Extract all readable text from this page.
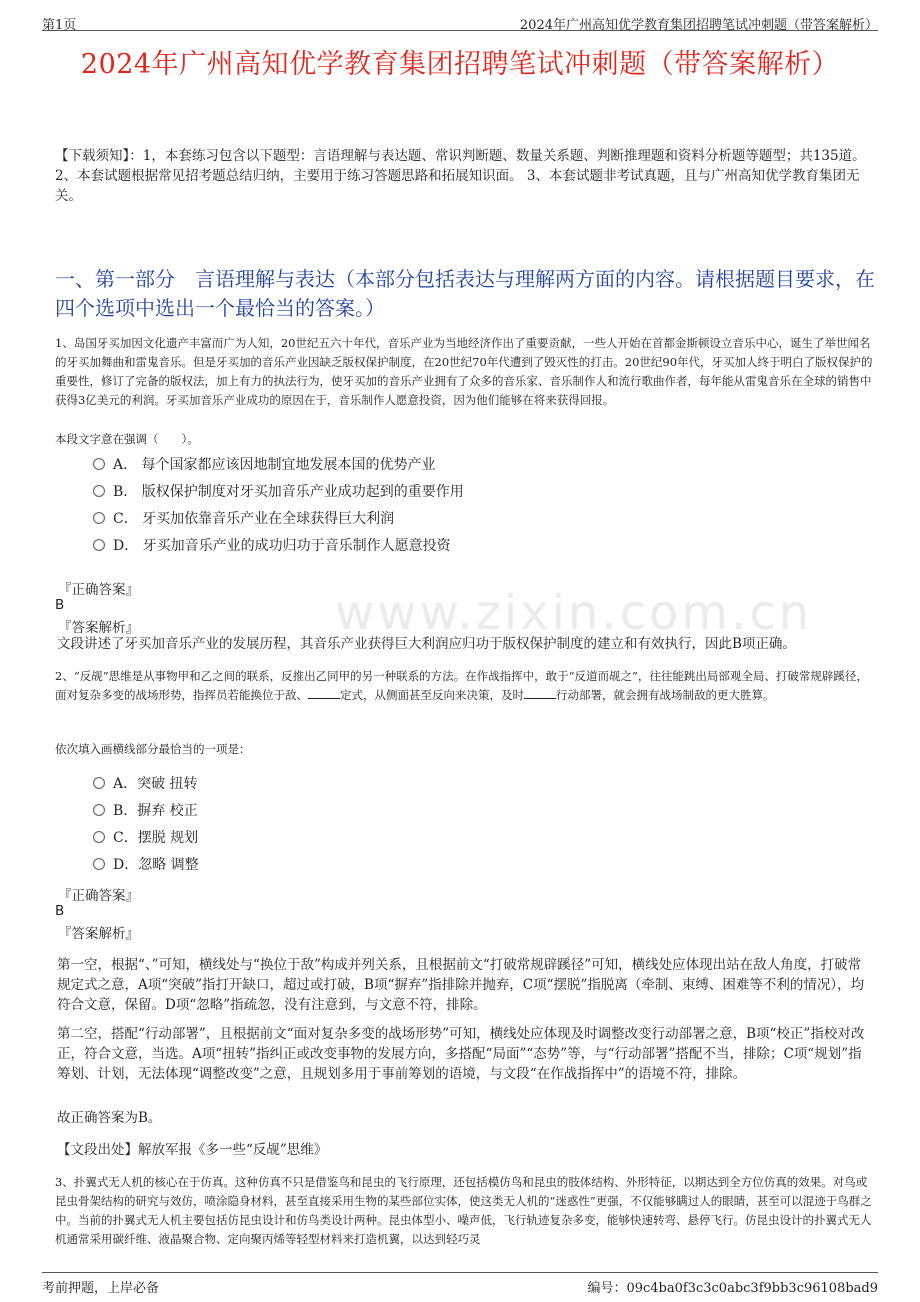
第1页	2024年广州高知优学教育集团招聘笔试冲刺题（带答案解析）
2024年广州高知优学教育集团招聘笔试冲刺题（带答案解析）
【下载须知】：1，本套练习包含以下题型：言语理解与表达题、常识判断题、数量关系题、判断推理题和资料分析题等题型；共135道。 2、本套试题根据常见招考题总结归纳，主要用于练习答题思路和拓展知识面。 3、本套试题非考试真题，且与广州高知优学教育集团无关。
一、第一部分　言语理解与表达（本部分包括表达与理解两方面的内容。请根据题目要求，在四个选项中选出一个最恰当的答案。）
www.zixin.com.cn
1、岛国牙买加因文化遗产丰富而广为人知，20世纪五六十年代，音乐产业为当地经济作出了重要贡献，一些人开始在首都金斯顿设立音乐中心，诞生了举世闻名的牙买加舞曲和雷鬼音乐。但是牙买加的音乐产业因缺乏版权保护制度，在20世纪70年代遭到了毁灭性的打击。20世纪90年代，牙买加人终于明白了版权保护的重要性，修订了完备的版权法，加上有力的执法行为，使牙买加的音乐产业拥有了众多的音乐家、音乐制作人和流行歌曲作者，每年能从雷鬼音乐在全球的销售中获得3亿美元的利润。牙买加音乐产业成功的原因在于，音乐制作人愿意投资，因为他们能够在将来获得回报。
本段文字意在强调（　　）。
A． 每个国家都应该因地制宜地发展本国的优势产业
B． 版权保护制度对牙买加音乐产业成功起到的重要作用
C． 牙买加依靠音乐产业在全球获得巨大利润
D． 牙买加音乐产业的成功归功于音乐制作人愿意投资
『正确答案』
B
『答案解析』
文段讲述了牙买加音乐产业的发展历程，其音乐产业获得巨大利润应归功于版权保护制度的建立和有效执行，因此B项正确。
2、“反觇”思维是从事物甲和乙之间的联系，反推出乙同甲的另一种联系的方法。在作战指挥中，敢于“反道而觇之”，往往能跳出局部观全局、打破常规辟蹊径，面对复杂多变的战场形势，指挥员若能换位于敌、	定式，从侧面甚至反向来决策，及时	行动部署，就会拥有战场制敌的更大胜算。
依次填入画横线部分最恰当的一项是：
A．突破 扭转
B．摒弃 校正
C．摆脱 规划
D．忽略 调整
『正确答案』
B
『答案解析』
第一空，根据“、”可知，横线处与“换位于敌”构成并列关系，且根据前文“打破常规辟蹊径”可知，横线处应体现出站在敌人角度，打破常规定式之意，A项“突破”指打开缺口，超过或打破，B项“摒弃”指排除并抛弃，C项“摆脱”指脱离（牵制、束缚、困难等不利的情况），均符合文意，保留。D项“忽略”指疏忽，没有注意到，与文意不符，排除。
第二空，搭配“行动部署”，且根据前文“面对复杂多变的战场形势”可知，横线处应体现及时调整改变行动部署之意，B项“校正”指校对改正，符合文意，当选。A项“扭转”指纠正或改变事物的发展方向，多搭配“局面”“态势”等，与“行动部署”搭配不当，排除；C项“规划”指筹划、计划，无法体现“调整改变”之意，且规划多用于事前筹划的语境，与文段“在作战指挥中”的语境不符，排除。
故正确答案为B。
【文段出处】解放军报《多一些“反觇”思维》
3、扑翼式无人机的核心在于仿真。这种仿真不只是借鉴鸟和昆虫的飞行原理，还包括模仿鸟和昆虫的肢体结构、外形特征，以期达到全方位仿真的效果。对鸟或昆虫骨架结构的研究与效仿，喷涂隐身材料，甚至直接采用生物的某些部位实体，使这类无人机的“迷惑性”更强，不仅能够瞒过人的眼睛，甚至可以混迹于鸟群之中。当前的扑翼式无人机主要包括仿昆虫设计和仿鸟类设计两种。昆虫体型小、噪声低，飞行轨迹复杂多变，能够快速转弯、悬停飞行。仿昆虫设计的扑翼式无人机通常采用碳纤维、液晶聚合物、定向聚丙烯等轻型材料来打造机翼，以达到轻巧灵
考前押题，上岸必备	编号：09c4ba0f3c3c0abc3f9bb3c96108bad9
